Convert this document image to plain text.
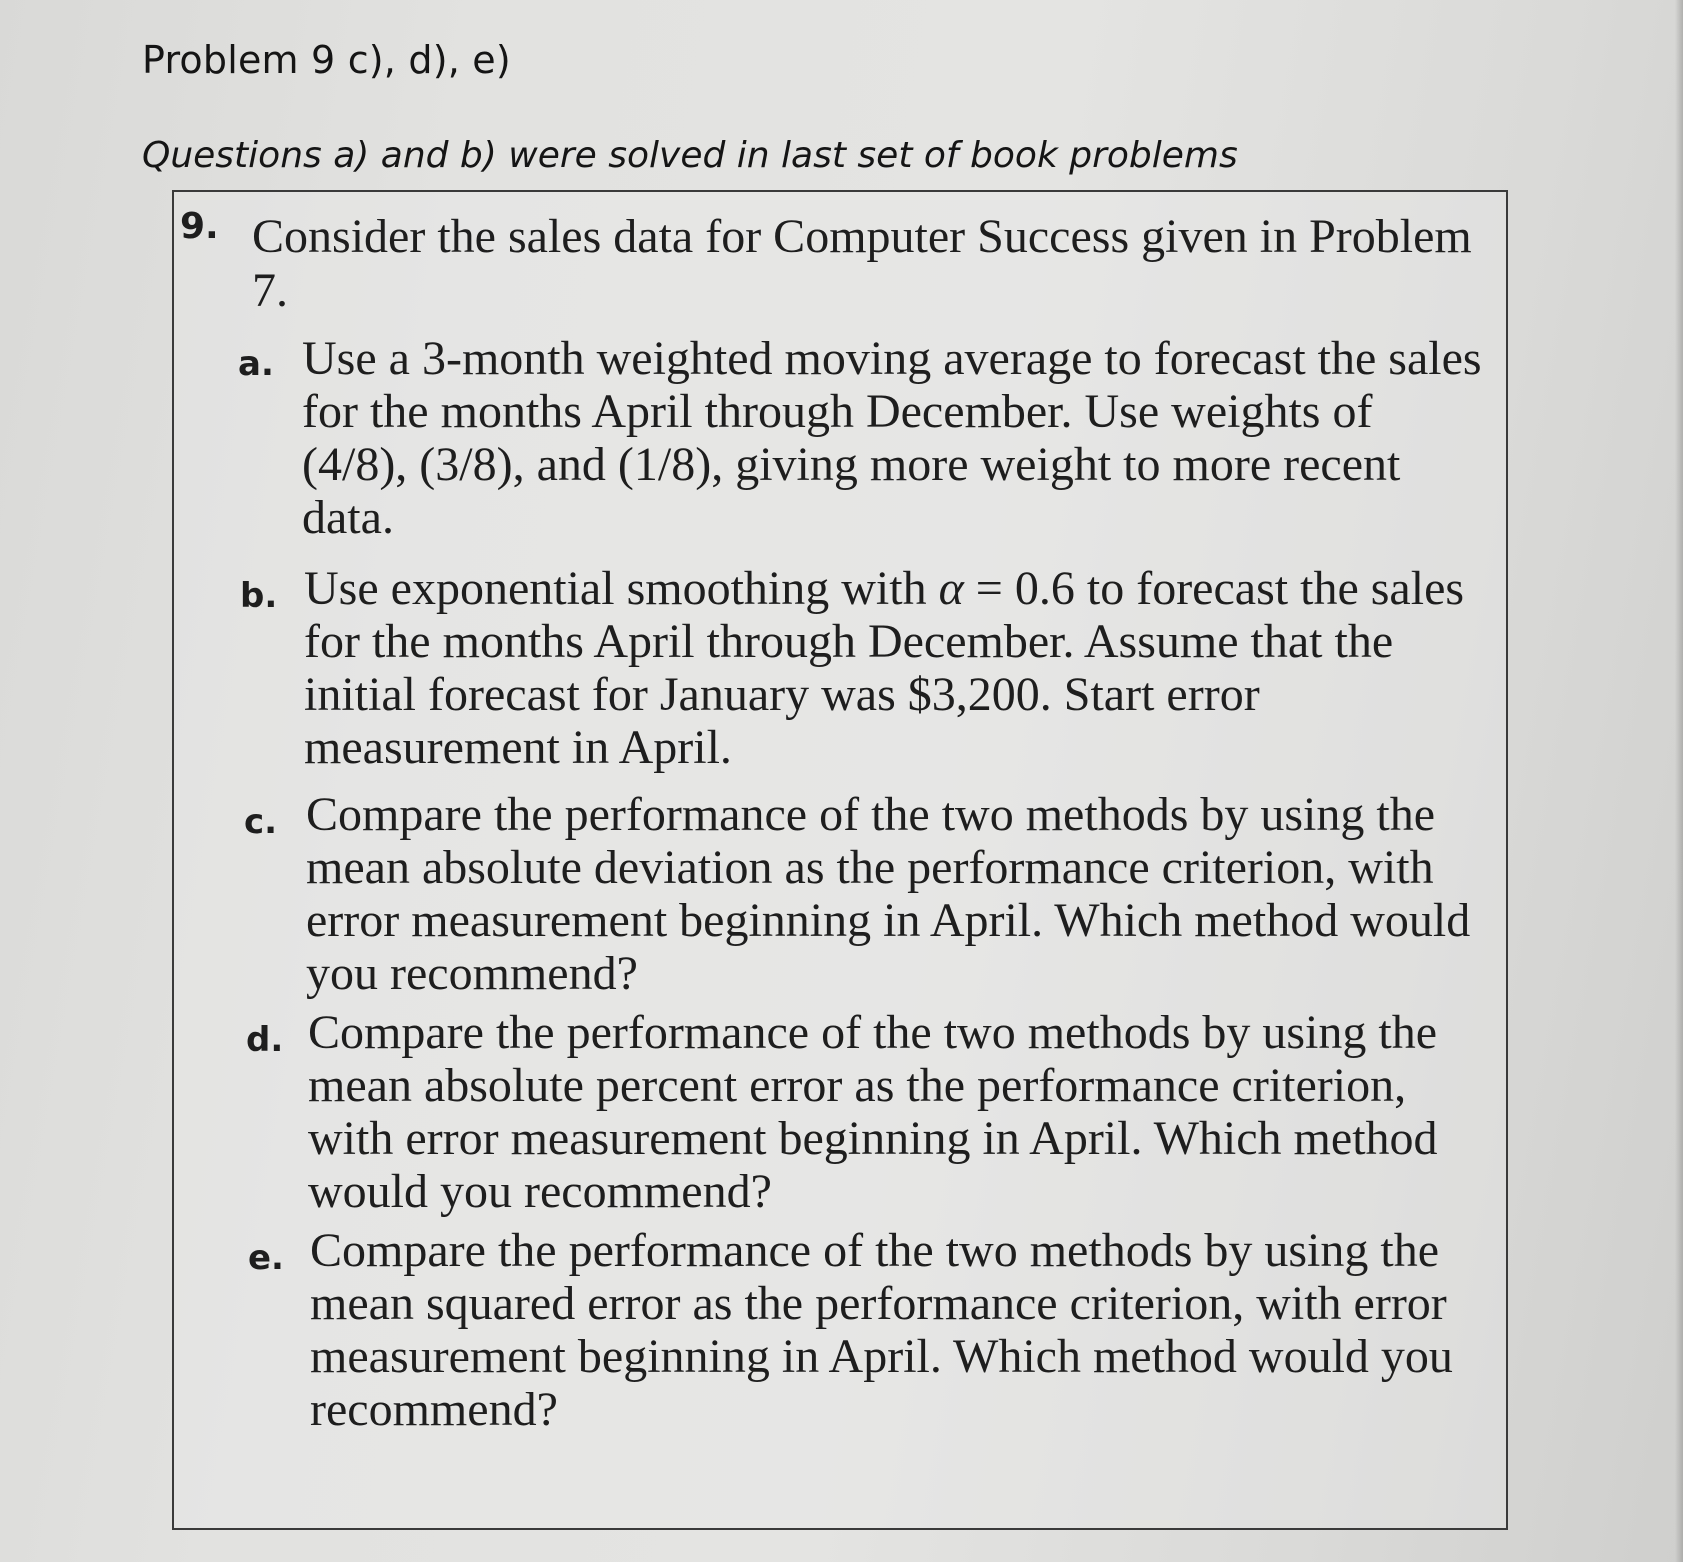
Problem 9 c), d), e)
Questions a) and b) were solved in last set of book problems
9. Consider the sales data for Computer Success given in Problem 7.
a. Use a 3-month weighted moving average to forecast the sales for the months April through December. Use weights of (4/8), (3/8), and (1/8), giving more weight to more recent data.
b. Use exponential smoothing with α = 0.6 to forecast the sales for the months April through December. Assume that the initial forecast for January was $3,200. Start error measurement in April.
c. Compare the performance of the two methods by using the mean absolute deviation as the performance criterion, with error measurement beginning in April. Which method would you recommend?
d. Compare the performance of the two methods by using the mean absolute percent error as the performance criterion, with error measurement beginning in April. Which method would you recommend?
e. Compare the performance of the two methods by using the mean squared error as the performance criterion, with error measurement beginning in April. Which method would you recommend?
